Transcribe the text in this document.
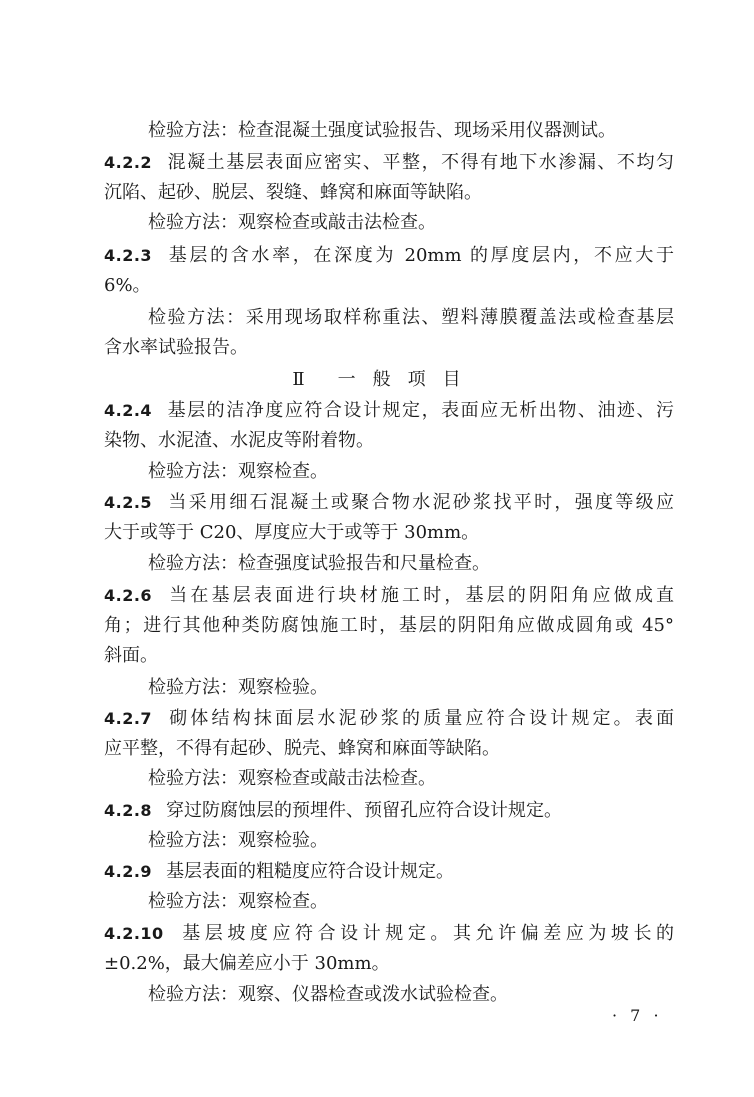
检验方法：检查混凝土强度试验报告、现场采用仪器测试。
4.2.2 混凝土基层表面应密实、平整，不得有地下水渗漏、不均匀
沉陷、起砂、脱层、裂缝、蜂窝和麻面等缺陷。
检验方法：观察检查或敲击法检查。
4.2.3 基层的含水率，在深度为 20mm 的厚度层内，不应大于
6%。
检验方法：采用现场取样称重法、塑料薄膜覆盖法或检查基层
含水率试验报告。
Ⅱ 一 般 项 目
4.2.4 基层的洁净度应符合设计规定，表面应无析出物、油迹、污
染物、水泥渣、水泥皮等附着物。
检验方法：观察检查。
4.2.5 当采用细石混凝土或聚合物水泥砂浆找平时，强度等级应
大于或等于 C20、厚度应大于或等于 30mm。
检验方法：检查强度试验报告和尺量检查。
4.2.6 当在基层表面进行块材施工时，基层的阴阳角应做成直
角；进行其他种类防腐蚀施工时，基层的阴阳角应做成圆角或 45°
斜面。
检验方法：观察检验。
4.2.7 砌体结构抹面层水泥砂浆的质量应符合设计规定。表面
应平整，不得有起砂、脱壳、蜂窝和麻面等缺陷。
检验方法：观察检查或敲击法检查。
4.2.8 穿过防腐蚀层的预埋件、预留孔应符合设计规定。
检验方法：观察检验。
4.2.9 基层表面的粗糙度应符合设计规定。
检验方法：观察检查。
4.2.10 基层坡度应符合设计规定。其允许偏差应为坡长的
±0.2%，最大偏差应小于 30mm。
检验方法：观察、仪器检查或泼水试验检查。
· 7 ·
